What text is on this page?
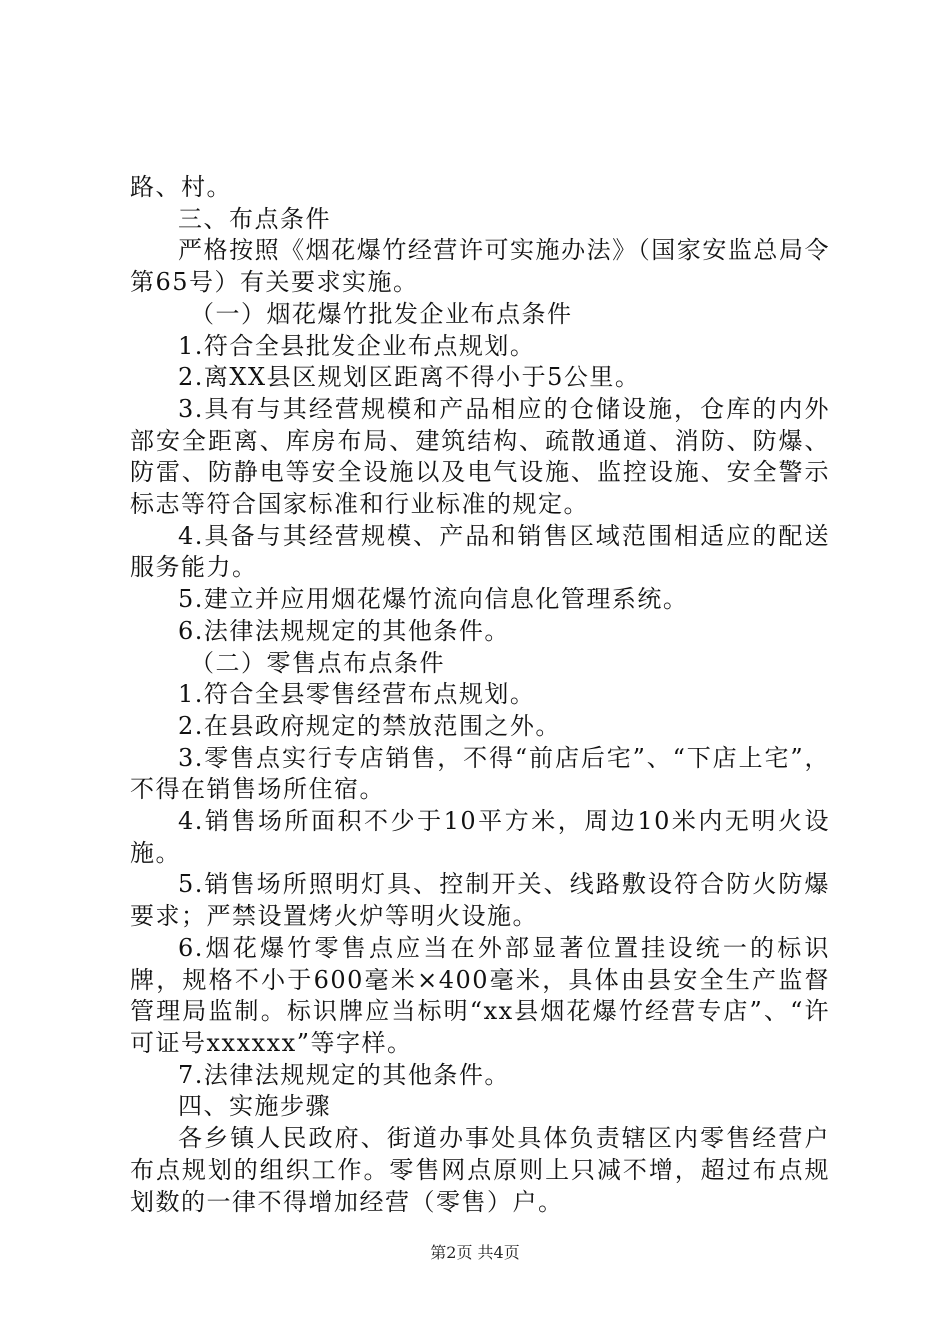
路、村。

三、布点条件

严格按照《烟花爆竹经营许可实施办法》（国家安监总局令第65号）有关要求实施。

（一）烟花爆竹批发企业布点条件

1.符合全县批发企业布点规划。

2.离XX县区规划区距离不得小于5公里。

3.具有与其经营规模和产品相应的仓储设施，仓库的内外部安全距离、库房布局、建筑结构、疏散通道、消防、防爆、防雷、防静电等安全设施以及电气设施、监控设施、安全警示标志等符合国家标准和行业标准的规定。

4.具备与其经营规模、产品和销售区域范围相适应的配送服务能力。

5.建立并应用烟花爆竹流向信息化管理系统。

6.法律法规规定的其他条件。

（二）零售点布点条件

1.符合全县零售经营布点规划。

2.在县政府规定的禁放范围之外。

3.零售点实行专店销售，不得“前店后宅”、“下店上宅”，不得在销售场所住宿。

4.销售场所面积不少于10平方米，周边10米内无明火设施。

5.销售场所照明灯具、控制开关、线路敷设符合防火防爆要求；严禁设置烤火炉等明火设施。

6.烟花爆竹零售点应当在外部显著位置挂设统一的标识牌，规格不小于600毫米×400毫米，具体由县安全生产监督管理局监制。标识牌应当标明“xx县烟花爆竹经营专店”、“许可证号xxxxxx”等字样。

7.法律法规规定的其他条件。

四、实施步骤

各乡镇人民政府、街道办事处具体负责辖区内零售经营户布点规划的组织工作。零售网点原则上只减不增，超过布点规划数的一律不得增加经营（零售）户。

第2页 共4页
